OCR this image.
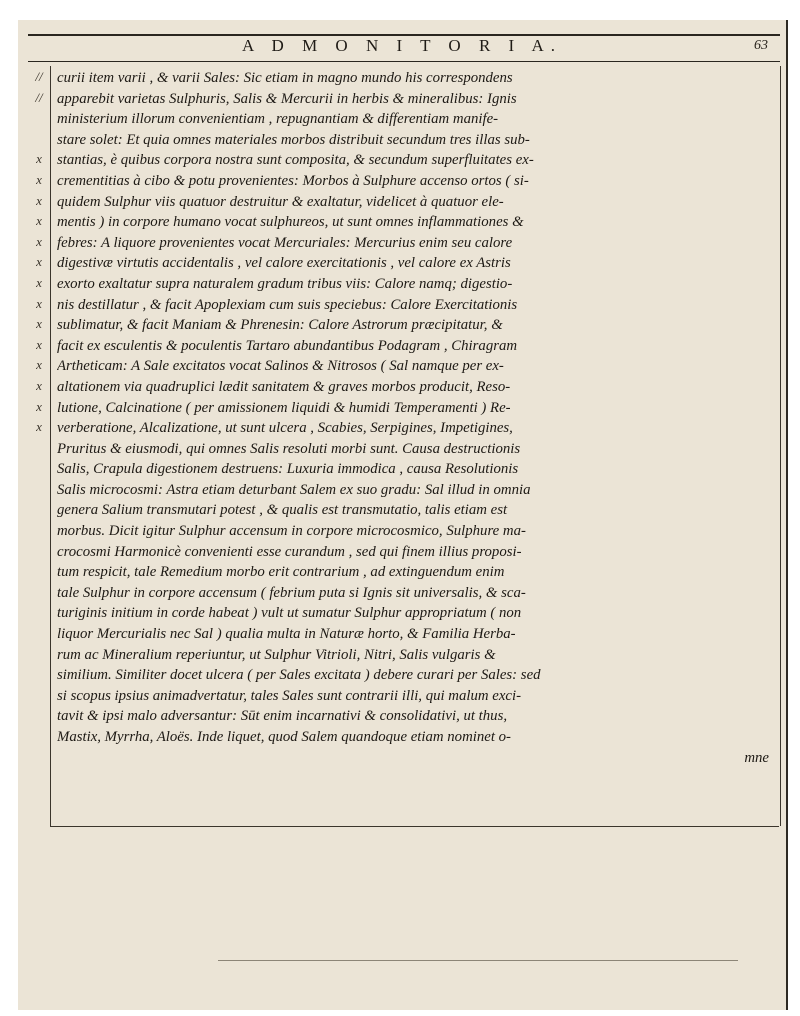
A D M O N I T O R I A.	63
//
//
x
x
x
x
x
x
x
x
x
x
x
x
x
x
curii item varii , & varii Sales: Sic etiam in magno mundo his correspondens
apparebit varietas Sulphuris, Salis & Mercurii in herbis & mineralibus: Ignis
ministerium illorum convenientiam , repugnantiam & differentiam manife-
stare solet: Et quia omnes materiales morbos distribuit secundum tres illas sub-
stantias, è quibus corpora nostra sunt composita, & secundum superfluitates ex-
crementitias à cibo & potu provenientes: Morbos à Sulphure accenso ortos ( si-
quidem Sulphur viis quatuor destruitur & exaltatur, videlicet à quatuor ele-
mentis ) in corpore humano vocat sulphureos, ut sunt omnes inflammationes &
febres: A liquore provenientes vocat Mercuriales: Mercurius enim seu calore
digestivæ virtutis accidentalis , vel calore exercitationis , vel calore ex Astris
exorto exaltatur supra naturalem gradum tribus viis: Calore namq; digestio-
nis destillatur , & facit Apoplexiam cum suis speciebus: Calore Exercitationis
sublimatur, & facit Maniam & Phrenesin: Calore Astrorum præcipitatur, &
facit ex esculentis & poculentis Tartaro abundantibus Podagram , Chiragram
Artheticam: A Sale excitatos vocat Salinos & Nitrosos ( Sal namque per ex-
altationem via quadruplici lædit sanitatem & graves morbos producit, Reso-
lutione, Calcinatione ( per amissionem liquidi & humidi Temperamenti ) Re-
verberatione, Alcalizatione, ut sunt ulcera , Scabies, Serpigines, Impetigines,
Pruritus & eiusmodi, qui omnes Salis resoluti morbi sunt. Causa destructionis
Salis, Crapula digestionem destruens: Luxuria immodica , causa Resolutionis
Salis microcosmi: Astra etiam deturbant Salem ex suo gradu: Sal illud in omnia
genera Salium transmutari potest , & qualis est transmutatio, talis etiam est
morbus. Dicit igitur Sulphur accensum in corpore microcosmico, Sulphure ma-
crocosmi Harmonicè convenienti esse curandum , sed qui finem illius proposi-
tum respicit, tale Remedium morbo erit contrarium , ad extinguendum enim
tale Sulphur in corpore accensum ( febrium puta si Ignis sit universalis, & sca-
turiginis initium in corde habeat ) vult ut sumatur Sulphur appropriatum ( non
liquor Mercurialis nec Sal ) qualia multa in Naturæ horto, & Familia Herba-
rum ac Mineralium reperiuntur, ut Sulphur Vitrioli, Nitri, Salis vulgaris &
similium. Similiter docet ulcera ( per Sales excitata ) debere curari per Sales: sed
si scopus ipsius animadvertatur, tales Sales sunt contrarii illi, qui malum exci-
tavit & ipsi malo adversantur: Sūt enim incarnativi & consolidativi, ut thus,
Mastix, Myrrha, Aloës. Inde liquet, quod Salem quandoque etiam nominet o-
mne
